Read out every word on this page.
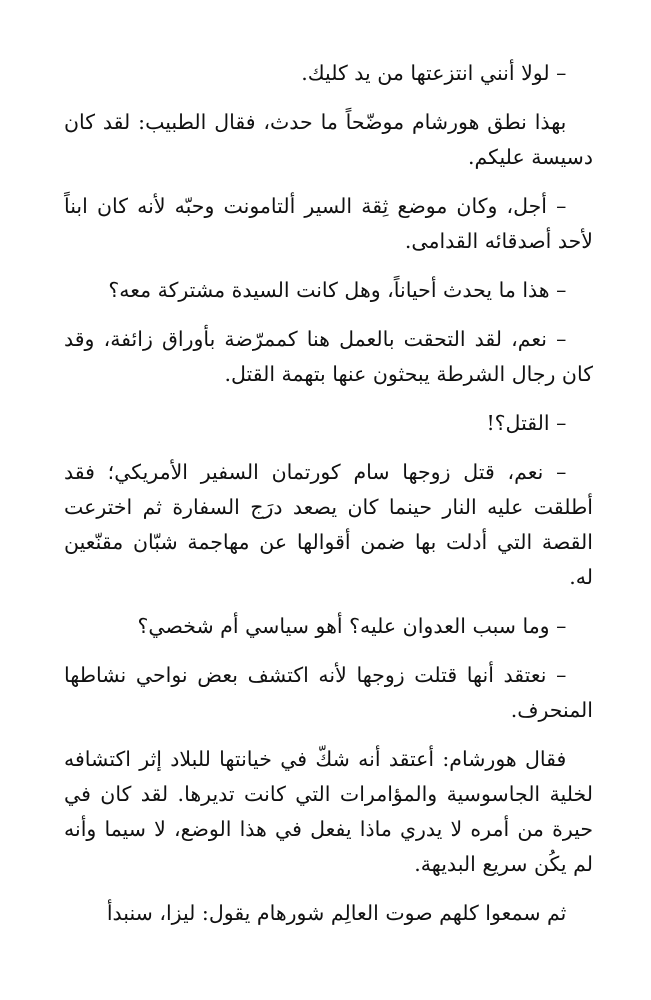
– لولا أنني انتزعتها من يد كليك.

بهذا نطق هورشام موضّحاً ما حدث، فقال الطبيب: لقد كان دسيسة عليكم.

– أجل، وكان موضع ثِقة السير ألتامونت وحبّه لأنه كان ابناً لأحد أصدقائه القدامى.

– هذا ما يحدث أحياناً، وهل كانت السيدة مشتركة معه؟

– نعم، لقد التحقت بالعمل هنا كممرّضة بأوراق زائفة، وقد كان رجال الشرطة يبحثون عنها بتهمة القتل.

– القتل؟!

– نعم، قتل زوجها سام كورتمان السفير الأمريكي؛ فقد أطلقت عليه النار حينما كان يصعد درَج السفارة ثم اخترعت القصة التي أدلت بها ضمن أقوالها عن مهاجمة شبّان مقنّعين له.

– وما سبب العدوان عليه؟ أهو سياسي أم شخصي؟

– نعتقد أنها قتلت زوجها لأنه اكتشف بعض نواحي نشاطها المنحرف.

فقال هورشام: أعتقد أنه شكّ في خيانتها للبلاد إثر اكتشافه لخلية الجاسوسية والمؤامرات التي كانت تديرها. لقد كان في حيرة من أمره لا يدري ماذا يفعل في هذا الوضع، لا سيما وأنه لم يكُن سريع البديهة.

ثم سمعوا كلهم صوت العالِم شورهام يقول: ليزا، سنبدأ
